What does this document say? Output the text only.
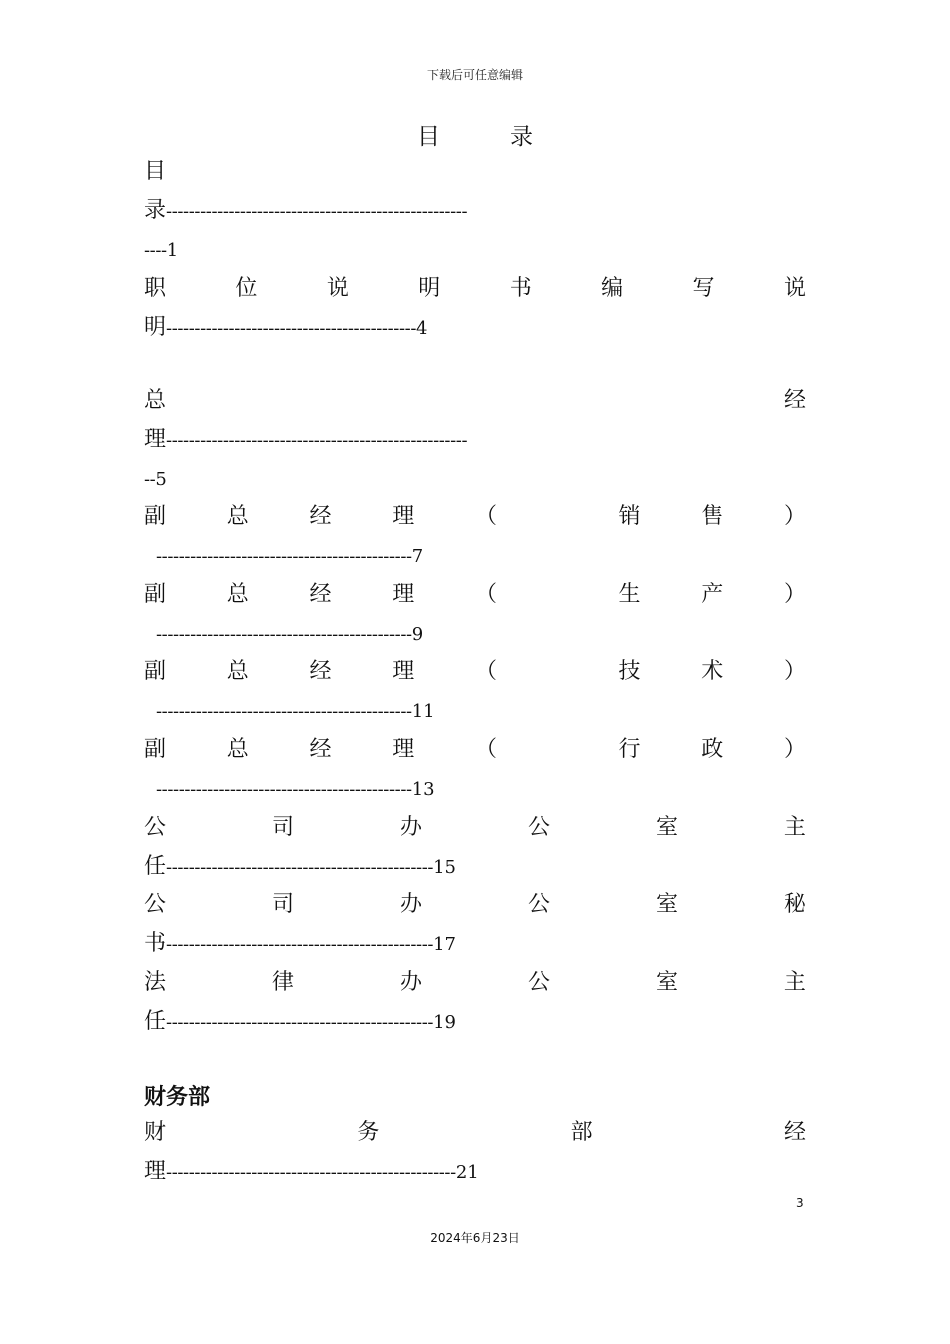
下载后可任意编辑
目录
目
录-----------------------------------------------------
----1
职	位	说	明	书	编	写	说
明--------------------------------------------4
总	经
理-----------------------------------------------------
--5
副	总	经	理	（	销	售	）
---------------------------------------------7
副	总	经	理	（	生	产	）
---------------------------------------------9
副	总	经	理	（	技	术	）
---------------------------------------------11
副	总	经	理	（	行	政	）
---------------------------------------------13
公	司	办	公	室	主
任-----------------------------------------------15
公	司	办	公	室	秘
书-----------------------------------------------17
法	律	办	公	室	主
任-----------------------------------------------19
财务部
财	务	部	经
理---------------------------------------------------21
3
2024年6月23日
